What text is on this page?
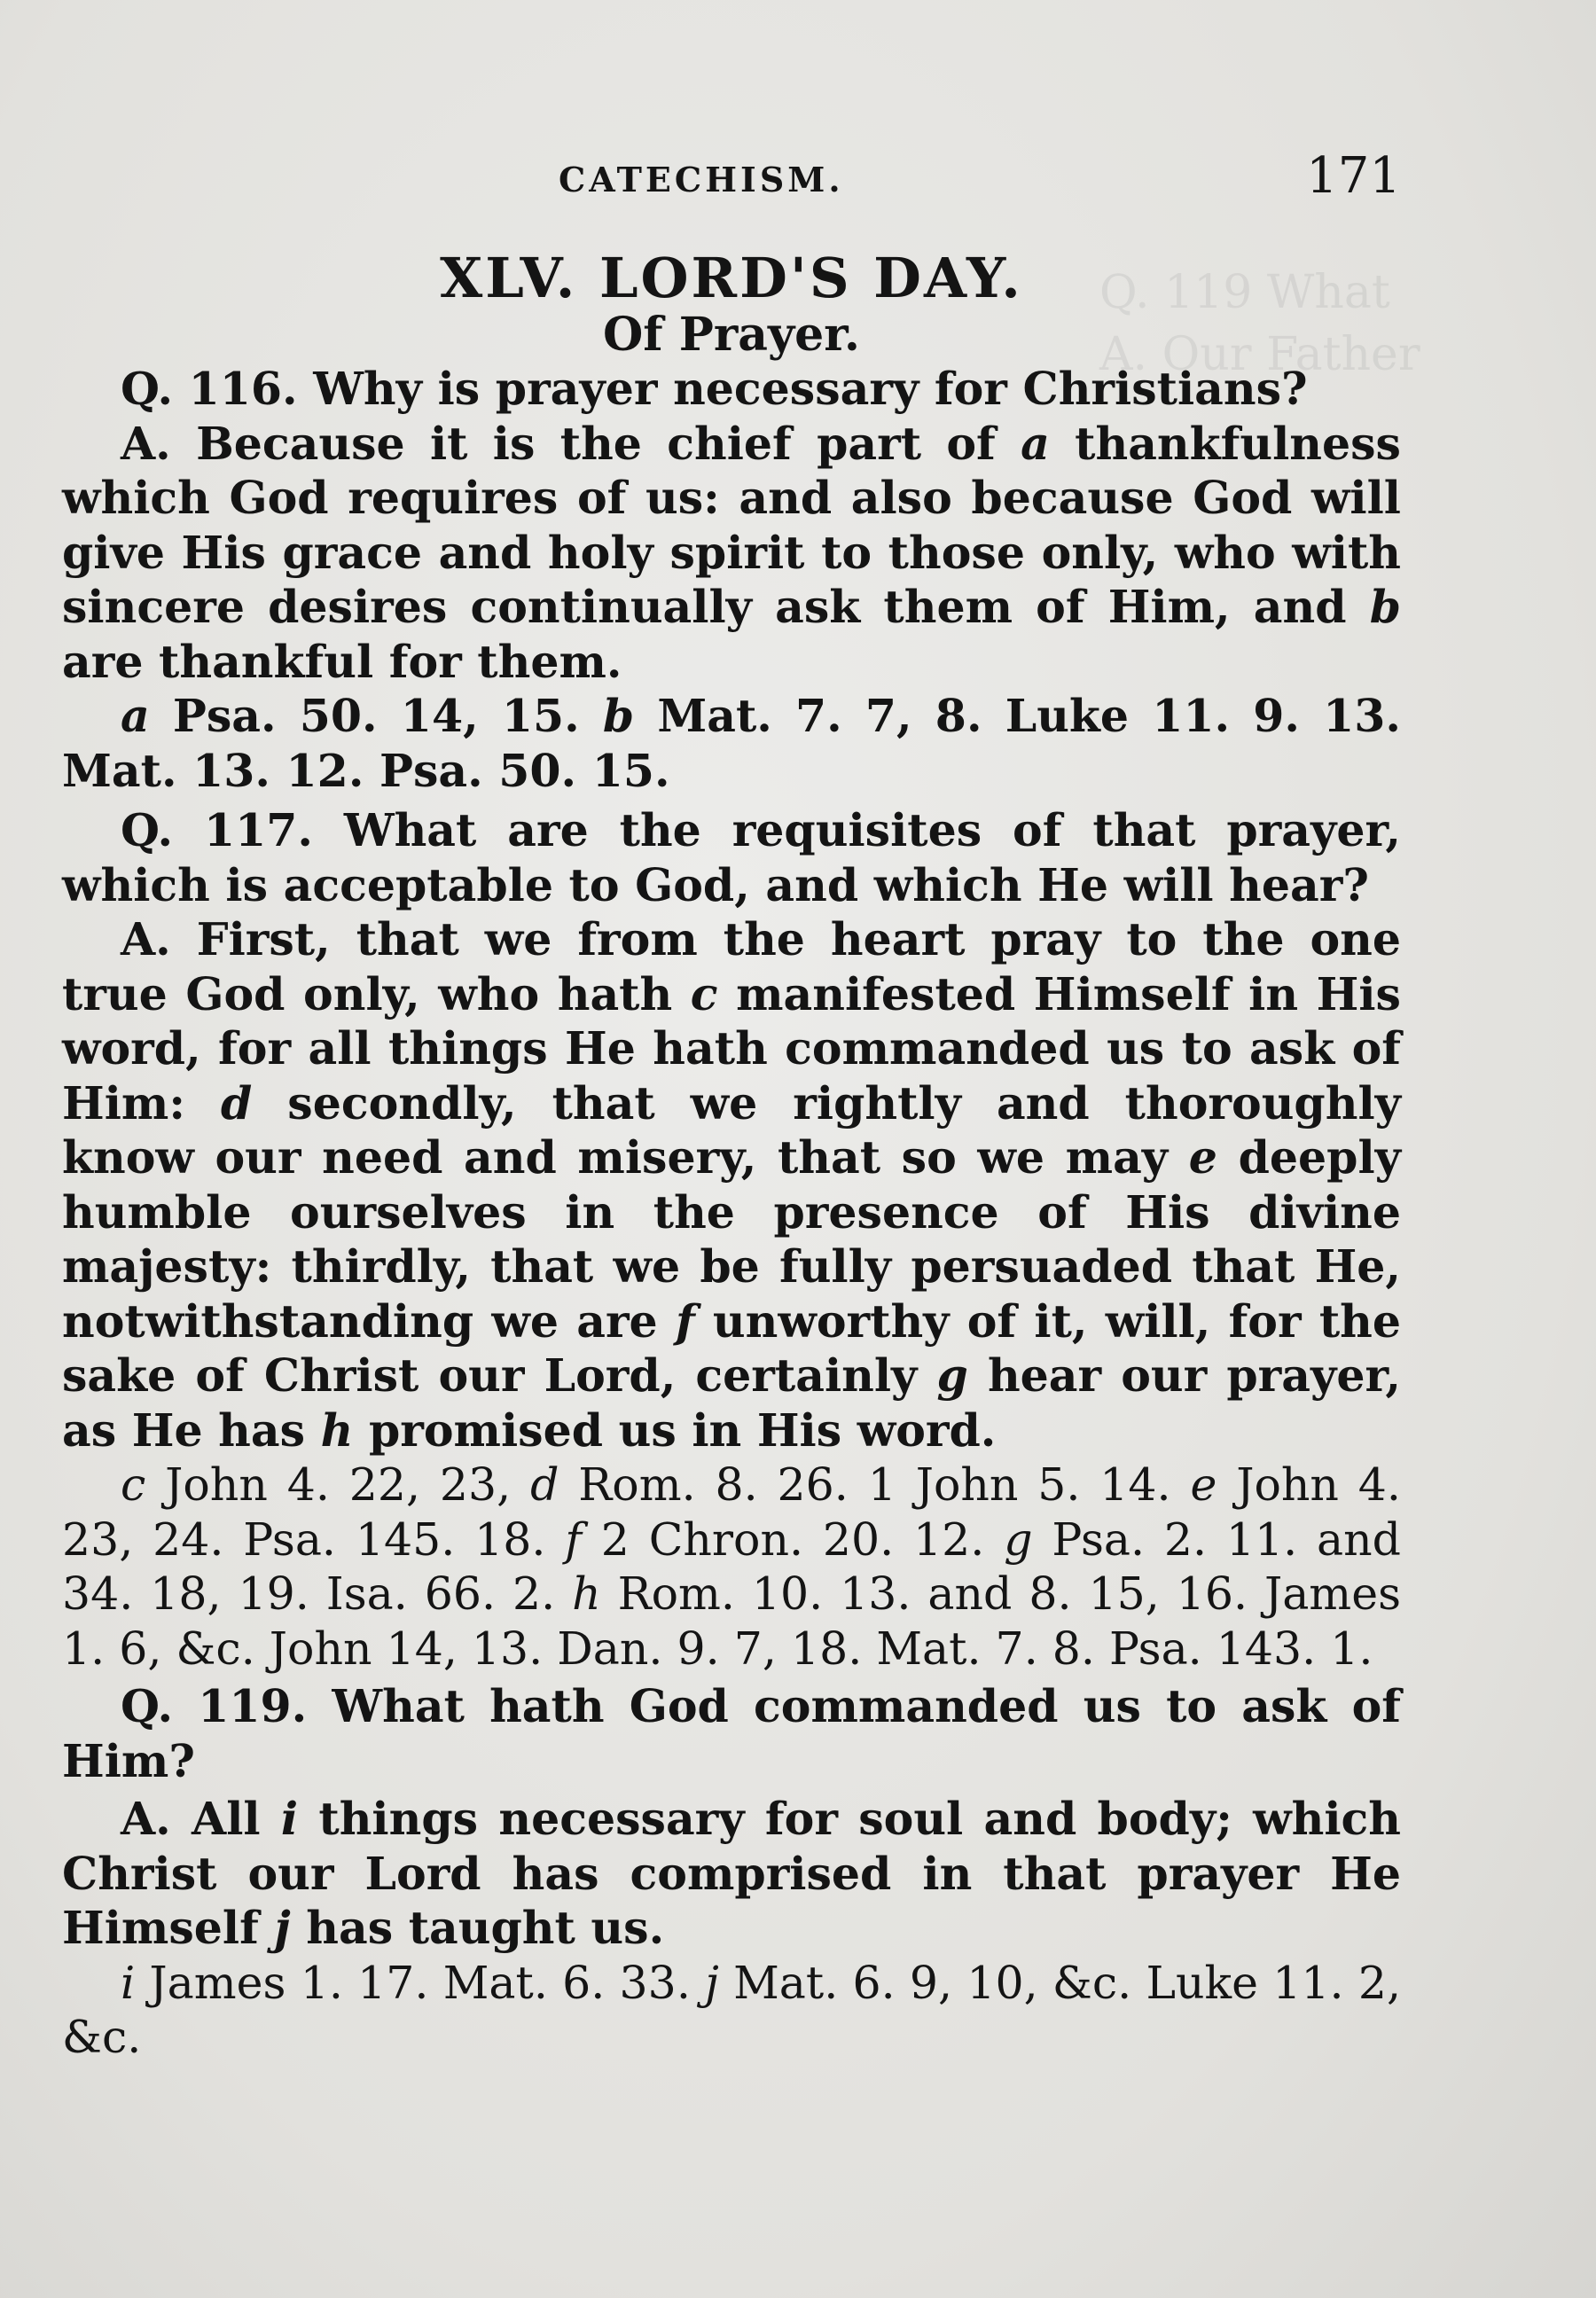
Q. 119 What
A. Our Father
CATECHISM.	171
XLV. LORD'S DAY.
Of Prayer.

Q. 116. Why is prayer necessary for Christians?

A. Because it is the chief part of a thankfulness which God requires of us: and also because God will give His grace and holy spirit to those only, who with sincere desires continually ask them of Him, and b are thankful for them.

a Psa. 50. 14, 15. b Mat. 7. 7, 8. Luke 11. 9. 13. Mat. 13. 12. Psa. 50. 15.

Q. 117. What are the requisites of that prayer, which is acceptable to God, and which He will hear?

A. First, that we from the heart pray to the one true God only, who hath c manifested Himself in His word, for all things He hath commanded us to ask of Him: d secondly, that we rightly and thoroughly know our need and misery, that so we may e deeply humble ourselves in the presence of His divine majesty: thirdly, that we be fully persuaded that He, notwithstanding we are f unworthy of it, will, for the sake of Christ our Lord, certainly g hear our prayer, as He has h promised us in His word.

c John 4. 22, 23, d Rom. 8. 26. 1 John 5. 14. e John 4. 23, 24. Psa. 145. 18. f 2 Chron. 20. 12. g Psa. 2. 11. and 34. 18, 19. Isa. 66. 2. h Rom. 10. 13. and 8. 15, 16. James 1. 6, &c. John 14, 13. Dan. 9. 7, 18. Mat. 7. 8. Psa. 143. 1.

Q. 119. What hath God commanded us to ask of Him?

A. All i things necessary for soul and body; which Christ our Lord has comprised in that prayer He Himself j has taught us.

i James 1. 17. Mat. 6. 33. j Mat. 6. 9, 10, &c. Luke 11. 2, &c.
